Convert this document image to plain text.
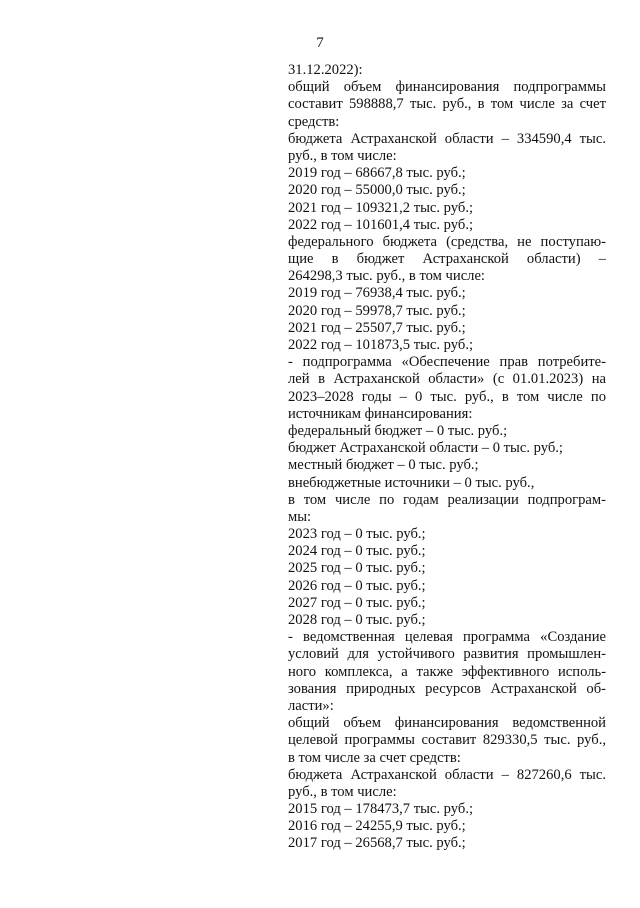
7
31.12.2022):
общий объем финансирования подпрограммы
составит 598888,7 тыс. руб., в том числе за счет
средств:
бюджета Астраханской области – 334590,4 тыс.
руб., в том числе:
2019 год – 68667,8 тыс. руб.;
2020 год – 55000,0 тыс. руб.;
2021 год – 109321,2 тыс. руб.;
2022 год – 101601,4 тыс. руб.;
федерального бюджета (средства, не поступаю-
щие в бюджет Астраханской области) –
264298,3 тыс. руб., в том числе:
2019 год – 76938,4 тыс. руб.;
2020 год – 59978,7 тыс. руб.;
2021 год – 25507,7 тыс. руб.;
2022 год – 101873,5 тыс. руб.;
- подпрограмма «Обеспечение прав потребите-
лей в Астраханской области» (с 01.01.2023) на
2023–2028 годы – 0 тыс. руб., в том числе по
источникам финансирования:
федеральный бюджет – 0 тыс. руб.;
бюджет Астраханской области – 0 тыс. руб.;
местный бюджет – 0 тыс. руб.;
внебюджетные источники – 0 тыс. руб.,
в том числе по годам реализации подпрограм-
мы:
2023 год – 0 тыс. руб.;
2024 год – 0 тыс. руб.;
2025 год – 0 тыс. руб.;
2026 год – 0 тыс. руб.;
2027 год – 0 тыс. руб.;
2028 год – 0 тыс. руб.;
- ведомственная целевая программа «Создание
условий для устойчивого развития промышлен-
ного комплекса, а также эффективного исполь-
зования природных ресурсов Астраханской об-
ласти»:
общий объем финансирования ведомственной
целевой программы составит 829330,5 тыс. руб.,
в том числе за счет средств:
бюджета Астраханской области – 827260,6 тыс.
руб., в том числе:
2015 год – 178473,7 тыс. руб.;
2016 год – 24255,9 тыс. руб.;
2017 год – 26568,7 тыс. руб.;
